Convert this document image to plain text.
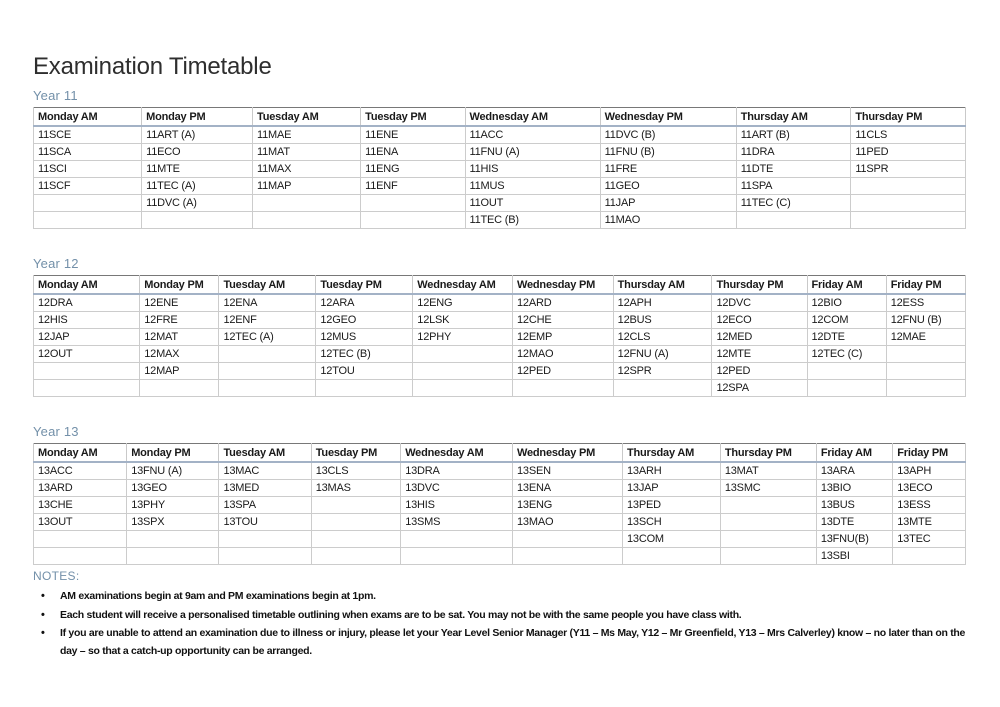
Examination Timetable
Year 11
Monday AM	Monday PM	Tuesday AM	Tuesday PM	Wednesday AM	Wednesday PM	Thursday AM	Thursday PM
11SCE	11ART (A)	11MAE	11ENE	11ACC	11DVC (B)	11ART (B)	11CLS
11SCA	11ECO	11MAT	11ENA	11FNU (A)	11FNU (B)	11DRA	11PED
11SCI	11MTE	11MAX	11ENG	11HIS	11FRE	11DTE	11SPR
11SCF	11TEC (A)	11MAP	11ENF	11MUS	11GEO	11SPA	
	11DVC (A)			11OUT	11JAP	11TEC (C)	
				11TEC (B)	11MAO		
Year 12
Monday AM	Monday PM	Tuesday AM	Tuesday PM	Wednesday AM	Wednesday PM	Thursday AM	Thursday PM	Friday AM	Friday PM
12DRA	12ENE	12ENA	12ARA	12ENG	12ARD	12APH	12DVC	12BIO	12ESS
12HIS	12FRE	12ENF	12GEO	12LSK	12CHE	12BUS	12ECO	12COM	12FNU (B)
12JAP	12MAT	12TEC (A)	12MUS	12PHY	12EMP	12CLS	12MED	12DTE	12MAE
12OUT	12MAX		12TEC (B)		12MAO	12FNU (A)	12MTE	12TEC (C)	
	12MAP		12TOU		12PED	12SPR	12PED		
							12SPA		
Year 13
Monday AM	Monday PM	Tuesday AM	Tuesday PM	Wednesday AM	Wednesday PM	Thursday AM	Thursday PM	Friday AM	Friday PM
13ACC	13FNU (A)	13MAC	13CLS	13DRA	13SEN	13ARH	13MAT	13ARA	13APH
13ARD	13GEO	13MED	13MAS	13DVC	13ENA	13JAP	13SMC	13BIO	13ECO
13CHE	13PHY	13SPA		13HIS	13ENG	13PED		13BUS	13ESS
13OUT	13SPX	13TOU		13SMS	13MAO	13SCH		13DTE	13MTE
						13COM		13FNU(B)	13TEC
								13SBI	
NOTES:
• AM examinations begin at 9am and PM examinations begin at 1pm.
• Each student will receive a personalised timetable outlining when exams are to be sat. You may not be with the same people you have class with.
• If you are unable to attend an examination due to illness or injury, please let your Year Level Senior Manager (Y11 – Ms May, Y12 – Mr Greenfield, Y13 – Mrs Calverley) know – no later than on the day – so that a catch-up opportunity can be arranged.
